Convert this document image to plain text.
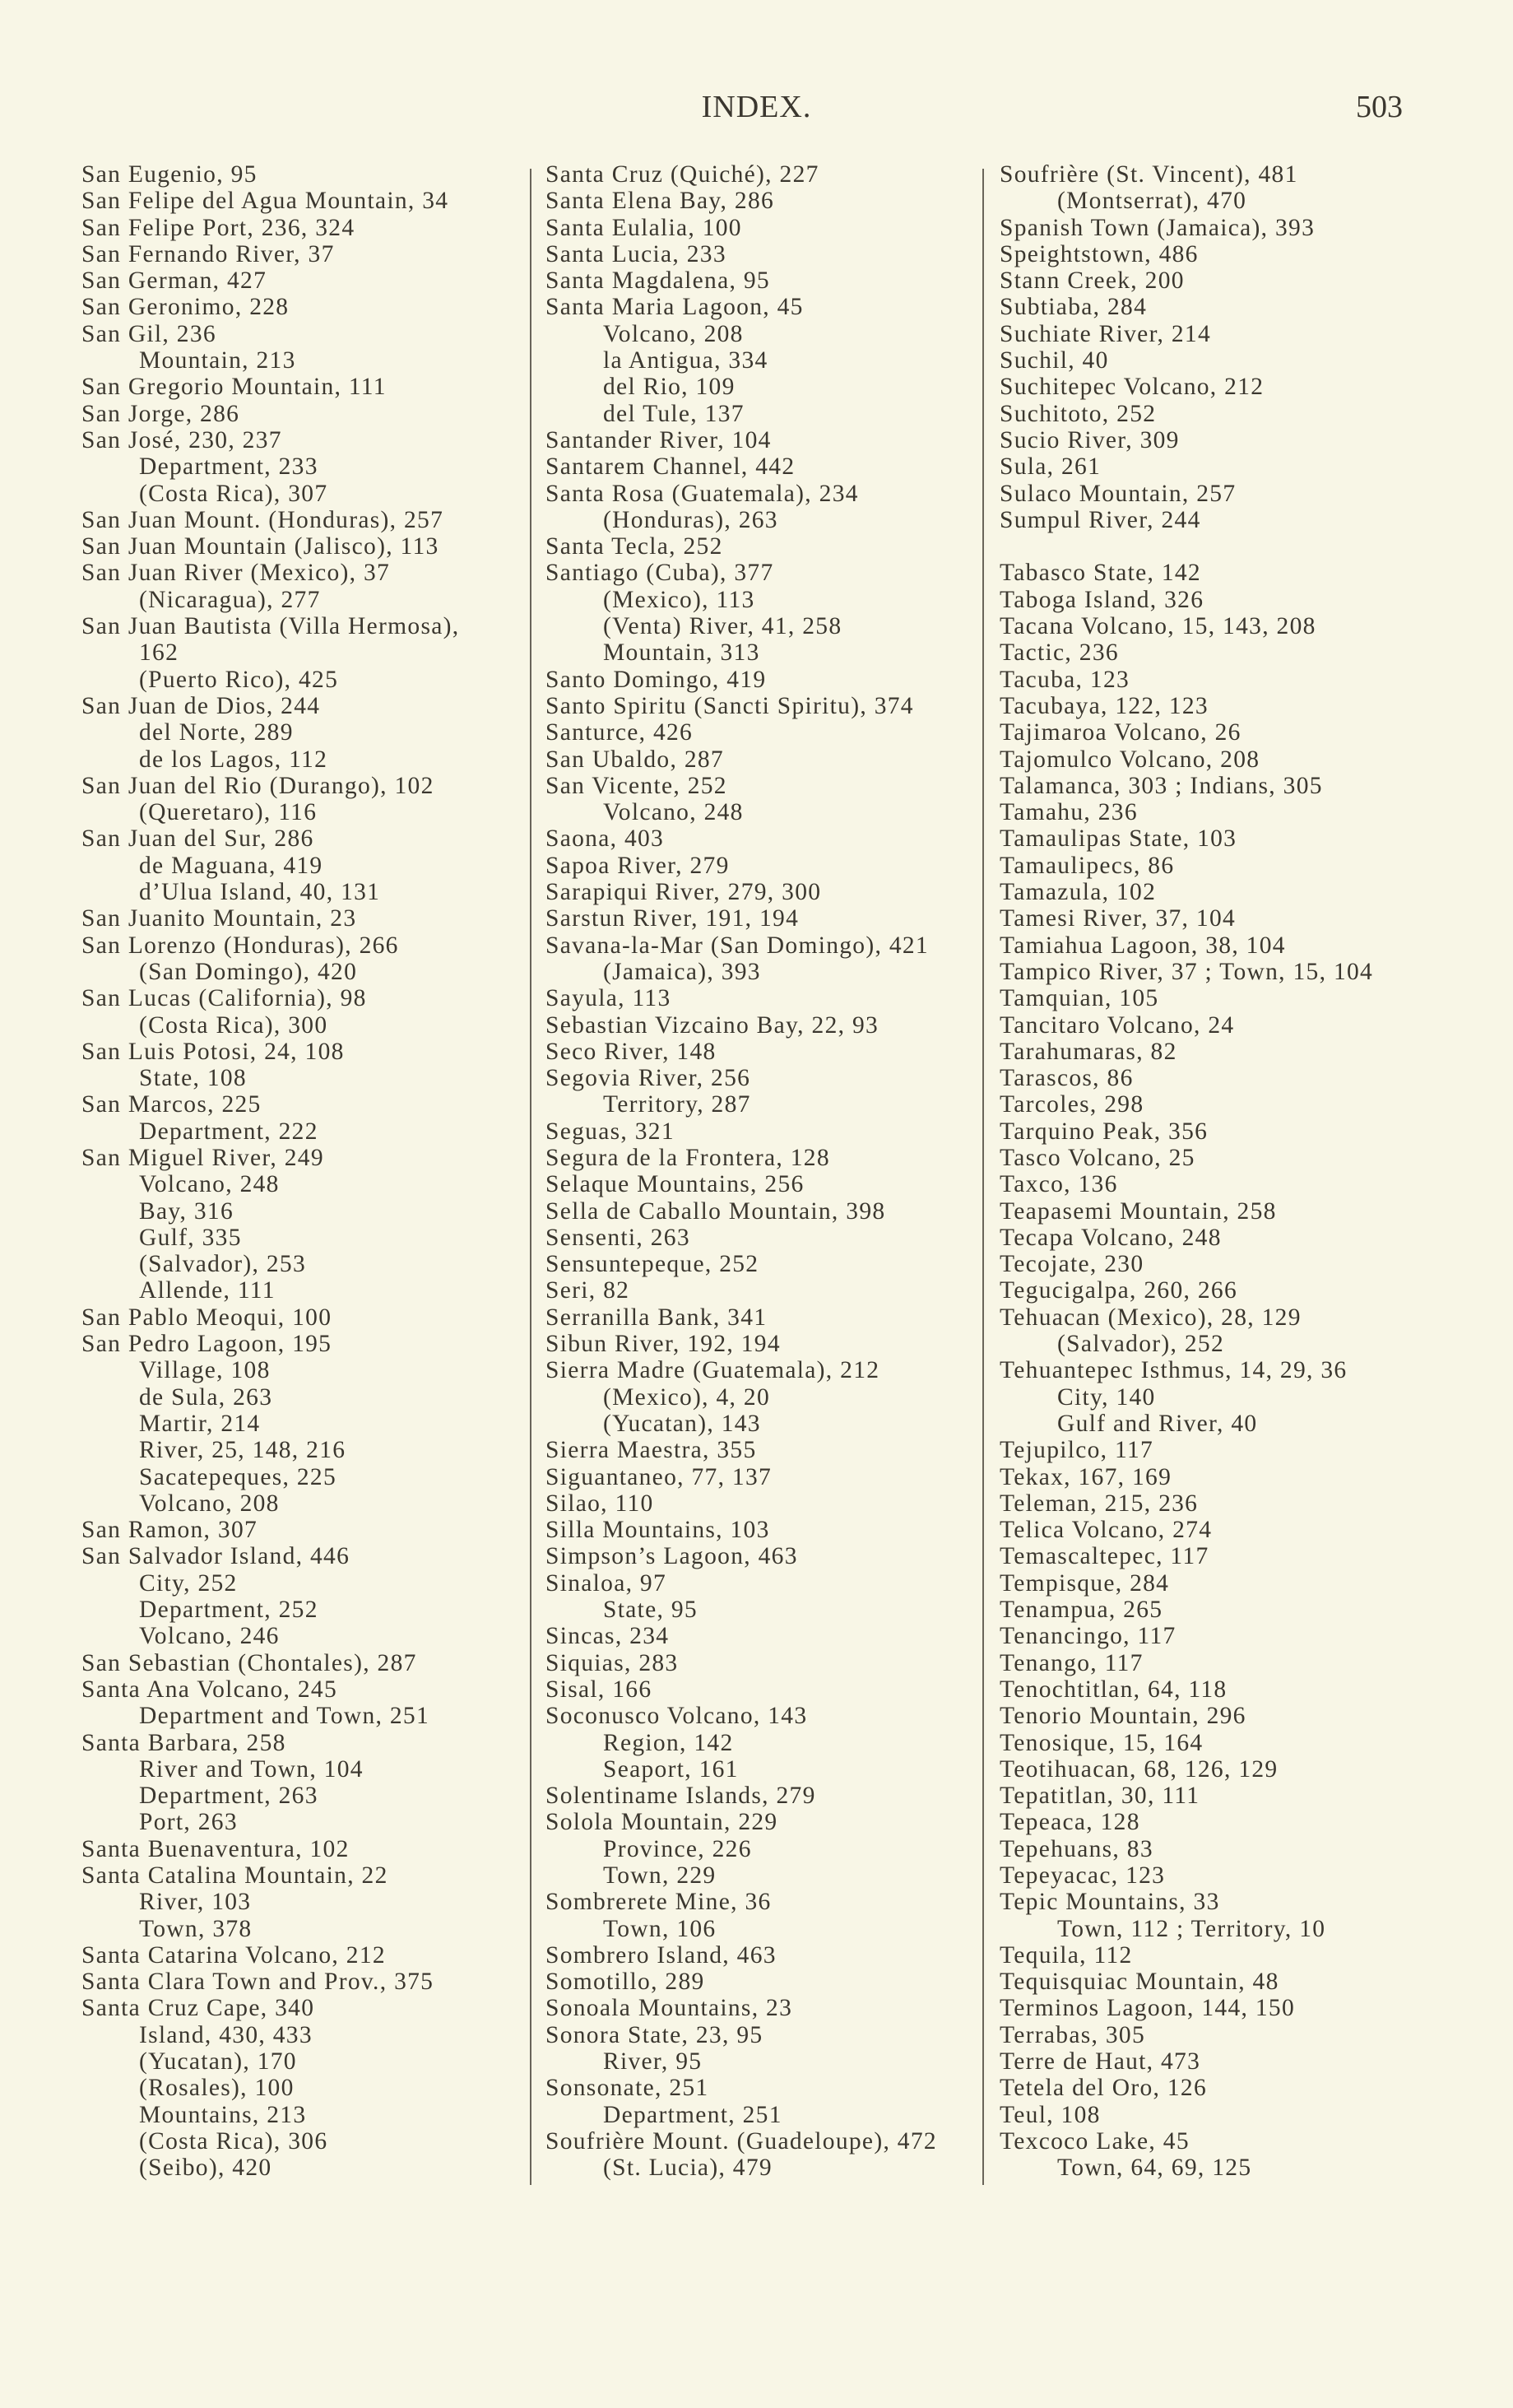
INDEX.	503
San Eugenio, 95
San Felipe del Agua Mountain, 34
San Felipe Port, 236, 324
San Fernando River, 37
San German, 427
San Geronimo, 228
San Gil, 236
Mountain, 213
San Gregorio Mountain, 111
San Jorge, 286
San José, 230, 237
Department, 233
(Costa Rica), 307
San Juan Mount. (Honduras), 257
San Juan Mountain (Jalisco), 113
San Juan River (Mexico), 37
(Nicaragua), 277
San Juan Bautista (Villa Hermosa),
162
(Puerto Rico), 425
San Juan de Dios, 244
del Norte, 289
de los Lagos, 112
San Juan del Rio (Durango), 102
(Queretaro), 116
San Juan del Sur, 286
de Maguana, 419
d’Ulua Island, 40, 131
San Juanito Mountain, 23
San Lorenzo (Honduras), 266
(San Domingo), 420
San Lucas (California), 98
(Costa Rica), 300
San Luis Potosi, 24, 108
State, 108
San Marcos, 225
Department, 222
San Miguel River, 249
Volcano, 248
Bay, 316
Gulf, 335
(Salvador), 253
Allende, 111
San Pablo Meoqui, 100
San Pedro Lagoon, 195
Village, 108
de Sula, 263
Martir, 214
River, 25, 148, 216
Sacatepeques, 225
Volcano, 208
San Ramon, 307
San Salvador Island, 446
City, 252
Department, 252
Volcano, 246
San Sebastian (Chontales), 287
Santa Ana Volcano, 245
Department and Town, 251
Santa Barbara, 258
River and Town, 104
Department, 263
Port, 263
Santa Buenaventura, 102
Santa Catalina Mountain, 22
River, 103
Town, 378
Santa Catarina Volcano, 212
Santa Clara Town and Prov., 375
Santa Cruz Cape, 340
Island, 430, 433
(Yucatan), 170
(Rosales), 100
Mountains, 213
(Costa Rica), 306
(Seibo), 420
Santa Cruz (Quiché), 227
Santa Elena Bay, 286
Santa Eulalia, 100
Santa Lucia, 233
Santa Magdalena, 95
Santa Maria Lagoon, 45
Volcano, 208
la Antigua, 334
del Rio, 109
del Tule, 137
Santander River, 104
Santarem Channel, 442
Santa Rosa (Guatemala), 234
(Honduras), 263
Santa Tecla, 252
Santiago (Cuba), 377
(Mexico), 113
(Venta) River, 41, 258
Mountain, 313
Santo Domingo, 419
Santo Spiritu (Sancti Spiritu), 374
Santurce, 426
San Ubaldo, 287
San Vicente, 252
Volcano, 248
Saona, 403
Sapoa River, 279
Sarapiqui River, 279, 300
Sarstun River, 191, 194
Savana-la-Mar (San Domingo), 421
(Jamaica), 393
Sayula, 113
Sebastian Vizcaino Bay, 22, 93
Seco River, 148
Segovia River, 256
Territory, 287
Seguas, 321
Segura de la Frontera, 128
Selaque Mountains, 256
Sella de Caballo Mountain, 398
Sensenti, 263
Sensuntepeque, 252
Seri, 82
Serranilla Bank, 341
Sibun River, 192, 194
Sierra Madre (Guatemala), 212
(Mexico), 4, 20
(Yucatan), 143
Sierra Maestra, 355
Siguantaneo, 77, 137
Silao, 110
Silla Mountains, 103
Simpson’s Lagoon, 463
Sinaloa, 97
State, 95
Sincas, 234
Siquias, 283
Sisal, 166
Soconusco Volcano, 143
Region, 142
Seaport, 161
Solentiname Islands, 279
Solola Mountain, 229
Province, 226
Town, 229
Sombrerete Mine, 36
Town, 106
Sombrero Island, 463
Somotillo, 289
Sonoala Mountains, 23
Sonora State, 23, 95
River, 95
Sonsonate, 251
Department, 251
Soufrière Mount. (Guadeloupe), 472
(St. Lucia), 479
Soufrière (St. Vincent), 481
(Montserrat), 470
Spanish Town (Jamaica), 393
Speightstown, 486
Stann Creek, 200
Subtiaba, 284
Suchiate River, 214
Suchil, 40
Suchitepec Volcano, 212
Suchitoto, 252
Sucio River, 309
Sula, 261
Sulaco Mountain, 257
Sumpul River, 244
Tabasco State, 142
Taboga Island, 326
Tacana Volcano, 15, 143, 208
Tactic, 236
Tacuba, 123
Tacubaya, 122, 123
Tajimaroa Volcano, 26
Tajomulco Volcano, 208
Talamanca, 303 ; Indians, 305
Tamahu, 236
Tamaulipas State, 103
Tamaulipecs, 86
Tamazula, 102
Tamesi River, 37, 104
Tamiahua Lagoon, 38, 104
Tampico River, 37 ; Town, 15, 104
Tamquian, 105
Tancitaro Volcano, 24
Tarahumaras, 82
Tarascos, 86
Tarcoles, 298
Tarquino Peak, 356
Tasco Volcano, 25
Taxco, 136
Teapasemi Mountain, 258
Tecapa Volcano, 248
Tecojate, 230
Tegucigalpa, 260, 266
Tehuacan (Mexico), 28, 129
(Salvador), 252
Tehuantepec Isthmus, 14, 29, 36
City, 140
Gulf and River, 40
Tejupilco, 117
Tekax, 167, 169
Teleman, 215, 236
Telica Volcano, 274
Temascaltepec, 117
Tempisque, 284
Tenampua, 265
Tenancingo, 117
Tenango, 117
Tenochtitlan, 64, 118
Tenorio Mountain, 296
Tenosique, 15, 164
Teotihuacan, 68, 126, 129
Tepatitlan, 30, 111
Tepeaca, 128
Tepehuans, 83
Tepeyacac, 123
Tepic Mountains, 33
Town, 112 ; Territory, 10
Tequila, 112
Tequisquiac Mountain, 48
Terminos Lagoon, 144, 150
Terrabas, 305
Terre de Haut, 473
Tetela del Oro, 126
Teul, 108
Texcoco Lake, 45
Town, 64, 69, 125
